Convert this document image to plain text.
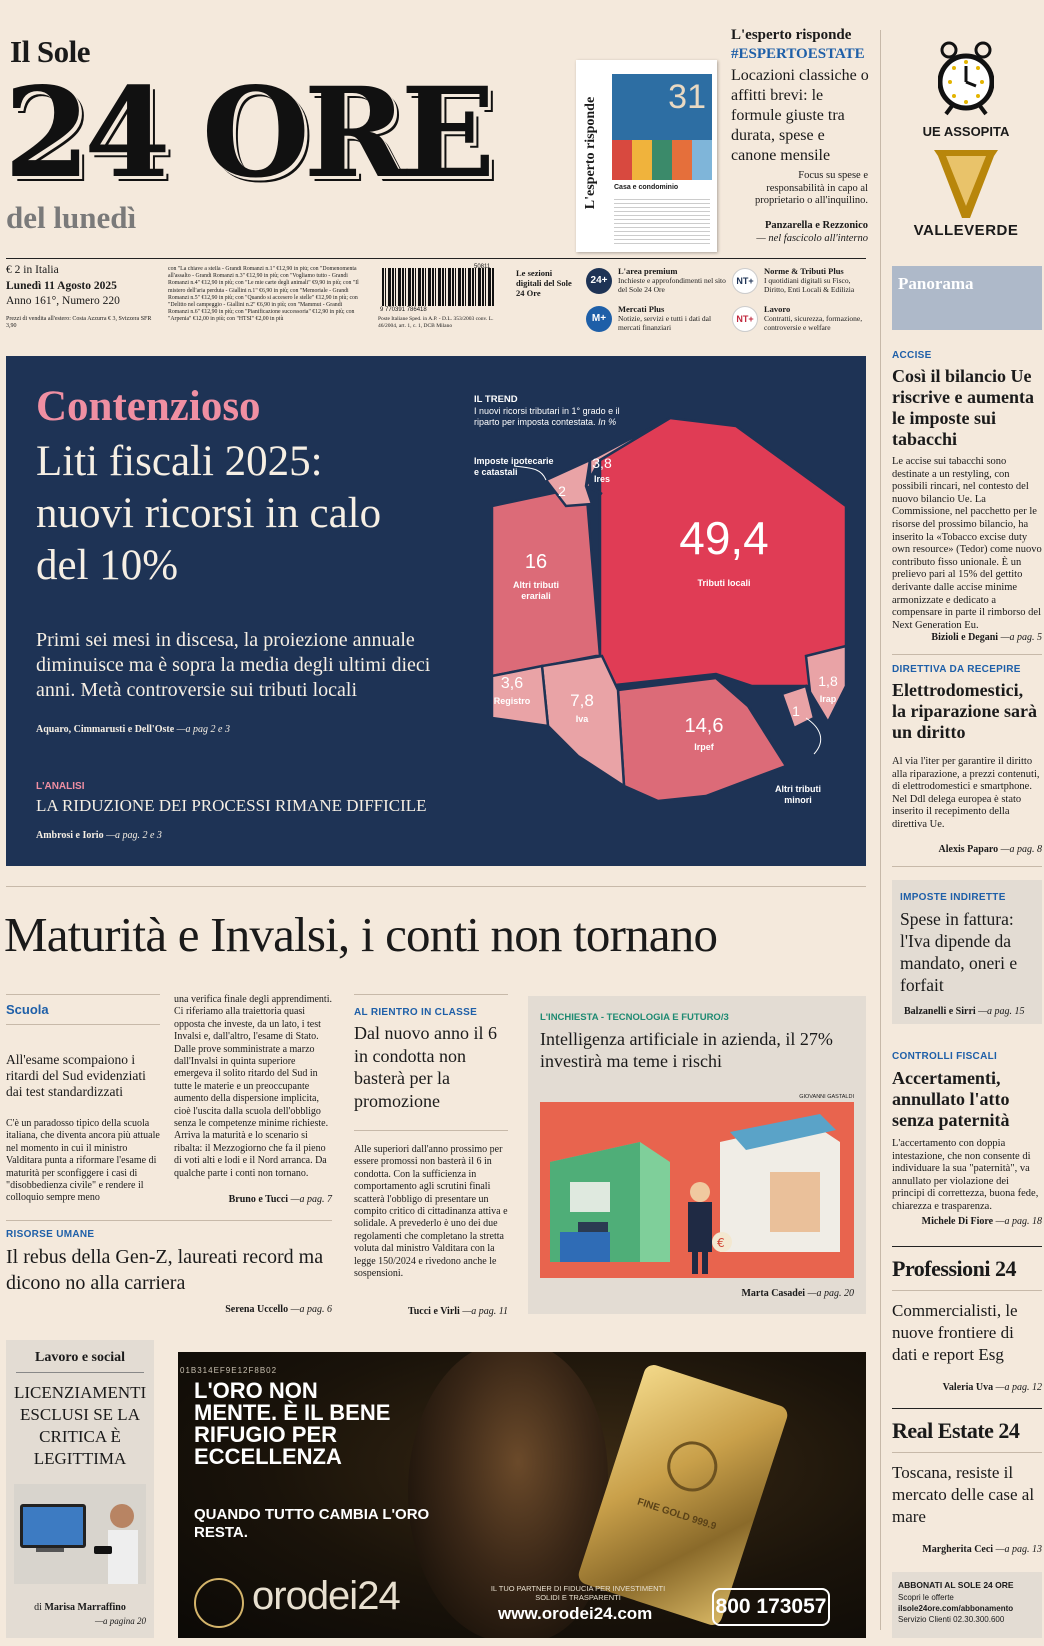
Il Sole
24 ORE
del lunedì
L'esperto risponde 31
Casa e condominio
L'esperto risponde
#ESPERTOESTATE
Locazioni classiche o affitti brevi: le formule giuste tra durata, spese e canone mensile
Focus su spese e responsabilità in capo al proprietario o all'inquilino.
Panzarella e Rezzonico
— nel fascicolo all'interno
UE ASSOPITA
VALLEVERDE
€ 2 in Italia
Lunedì 11 Agosto 2025
Anno 161°, Numero 220
Prezzi di vendita all'estero: Costa Azzurra € 3, Svizzera SFR 3,90
con "La chiave a stella - Grandi Romanzi n.1" €12,90 in più; con "Domenomenta all'assalto - Grandi Romanzi n.3" €12,90 in più; con "Vogliamo tutto - Grandi Romanzi n.4" €12,90 in più; con "Le mie carte degli animali" €9,90 in più; con "Il mistero dell'aria perduta - Giallini n.1" €6,90 in più; con "Memoriale - Grandi Romanzi n.5" €12,90 in più; con "Quando si accesero le stelle" €12,90 in più; con "Delitto nel campeggio - Giallini n.2" €6,90 in più; con "Mammut - Grandi Romanzi n.6" €12,90 in più; con "Pianificazione successoria" €12,90 in più; con "Arpenia" €12,00 in più; con "HTSI" €2,00 in più
9 770391 786418
50811
Poste Italiane Sped. in A.P. - D.L. 353/2003 conv. L. 46/2004, art. 1, c. 1, DCB Milano
Le sezioni digitali del Sole 24 Ore
24+
L'area premium
Inchieste e approfondimenti nel sito del Sole 24 Ore
M+
Mercati Plus
Notizie, servizi e tutti i dati dal mercati finanziari
NT+
Norme & Tributi Plus
I quotidiani digitali su Fisco, Diritto, Enti Locali & Edilizia
NT+
Lavoro
Contratti, sicurezza, formazione, controversie e welfare
Contenzioso
Liti fiscali 2025: nuovi ricorsi in calo del 10%
Primi sei mesi in discesa, la proiezione annuale diminuisce ma è sopra la media degli ultimi dieci anni. Metà controversie sui tributi locali
Aquaro, Cimmarusti e Dell'Oste —a pag 2 e 3
L'ANALISI
LA RIDUZIONE DEI PROCESSI RIMANE DIFFICILE
Ambrosi e Iorio —a pag. 2 e 3
IL TREND
I nuovi ricorsi tributari in 1° grado e il riparto per imposta contestata. In %
49,4
Tributi locali
16
Altri tributi
erariali
14,6
Irpef
7,8
Iva
3,8
Ires
3,6
Registro
2
1,8
Irap
1
Imposte ipotecarie e catastali
Altri tributi minori
Maturità e Invalsi, i conti non tornano
Scuola
All'esame scompaiono i ritardi del Sud evidenziati dai test standardizzati
C'è un paradosso tipico della scuola italiana, che diventa ancora più attuale nel momento in cui il ministro Valditara punta a riformare l'esame di maturità per sconfiggere i casi di "disobbedienza civile" e rendere il colloquio sempre meno
una verifica finale degli apprendimenti. Ci riferiamo alla traiettoria quasi opposta che investe, da un lato, i test Invalsi e, dall'altro, l'esame di Stato. Dalle prove somministrate a marzo dall'Invalsi in quinta superiore emergeva il solito ritardo del Sud in tutte le materie e un preoccupante aumento della dispersione implicita, cioè l'uscita dalla scuola dell'obbligo senza le competenze minime richieste. Arriva la maturità e lo scenario si ribalta: il Mezzogiorno che fa il pieno di voti alti e lodi e il Nord arranca. Da qualche parte i conti non tornano.
Bruno e Tucci —a pag. 7
RISORSE UMANE
Il rebus della Gen-Z, laureati record ma dicono no alla carriera
Serena Uccello —a pag. 6
AL RIENTRO IN CLASSE
Dal nuovo anno il 6 in condotta non basterà per la promozione
Alle superiori dall'anno prossimo per essere promossi non basterà il 6 in condotta. Con la sufficienza in comportamento agli scrutini finali scatterà l'obbligo di presentare un compito critico di cittadinanza attiva e solidale. A prevederlo è uno dei due regolamenti che completano la stretta voluta dal ministro Valditara con la legge 150/2024 e rivedono anche le sospensioni.
Tucci e Virli —a pag. 11
L'INCHIESTA - TECNOLOGIA E FUTURO/3
Intelligenza artificiale in azienda, il 27% investirà ma teme i rischi
GIOVANNI GASTALDI
€
Marta Casadei —a pag. 20
Lavoro e social
LICENZIAMENTI ESCLUSI SE LA CRITICA È LEGITTIMA
di Marisa Marraffino
—a pagina 20
FINE GOLD 999.9
01B314EF9E12F8B02
L'ORO NON MENTE. È IL BENE RIFUGIO PER ECCELLENZA
QUANDO TUTTO CAMBIA L'ORO RESTA.
orodei24	IL TUO PARTNER DI FIDUCIA PER INVESTIMENTI SOLIDI E TRASPARENTI
www.orodei24.com	800 173057
Panorama
ACCISE
Così il bilancio Ue riscrive e aumenta le imposte sui tabacchi
Le accise sui tabacchi sono destinate a un restyling, con possibili rincari, nel contesto del nuovo bilancio Ue. La Commissione, nel pacchetto per le risorse del prossimo bilancio, ha inserito la «Tobacco excise duty own resource» (Tedor) come nuovo contributo fisso unionale. È un prelievo pari al 15% del gettito derivante dalle accise minime armonizzate e dedicato a compensare in parte il rimborso del Next Generation Eu.
Bizioli e Degani —a pag. 5
DIRETTIVA DA RECEPIRE
Elettrodomestici, la riparazione sarà un diritto
Al via l'iter per garantire il diritto alla riparazione, a prezzi contenuti, di elettrodomestici e smartphone. Nel Ddl delega europea è stato inserito il recepimento della direttiva Ue.
Alexis Paparo —a pag. 8
IMPOSTE INDIRETTE
Spese in fattura: l'Iva dipende da mandato, oneri e forfait
Balzanelli e Sirri —a pag. 15
CONTROLLI FISCALI
Accertamenti, annullato l'atto senza paternità
L'accertamento con doppia intestazione, che non consente di individuare la sua "paternità", va annullato per violazione dei principi di correttezza, buona fede, chiarezza e trasparenza.
Michele Di Fiore —a pag. 18
Professioni 24
Commercialisti, le nuove frontiere di dati e report Esg
Valeria Uva —a pag. 12
Real Estate 24
Toscana, resiste il mercato delle case al mare
Margherita Ceci —a pag. 13
ABBONATI AL SOLE 24 ORE
Scopri le offerte
ilsole24ore.com/abbonamento
Servizio Clienti 02.30.300.600
